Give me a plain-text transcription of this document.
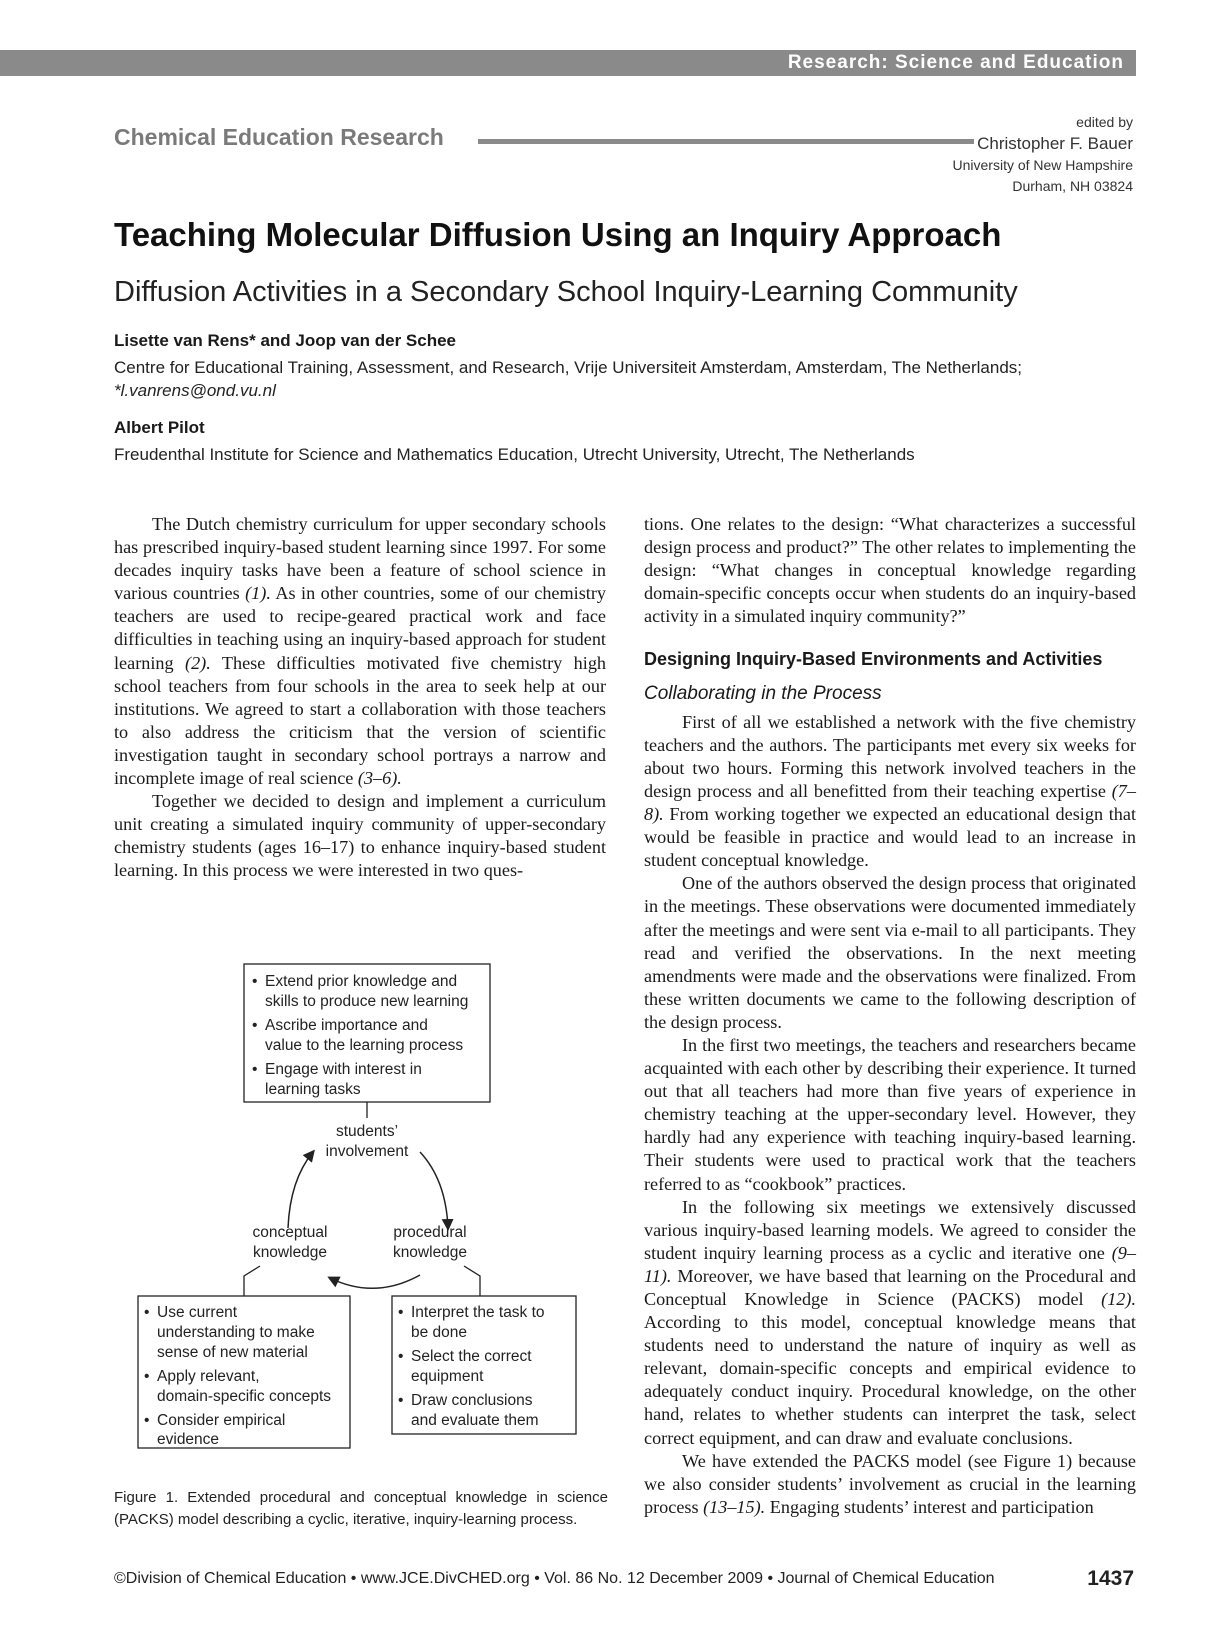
Research: Science and Education
Chemical Education Research
edited by
Christopher F. Bauer
University of New Hampshire
Durham, NH 03824
Teaching Molecular Diffusion Using an Inquiry Approach
Diffusion Activities in a Secondary School Inquiry-Learning Community
Lisette van Rens* and Joop van der Schee
Centre for Educational Training, Assessment, and Research, Vrije Universiteit Amsterdam, Amsterdam, The Netherlands;
*l.vanrens@ond.vu.nl
Albert Pilot
Freudenthal Institute for Science and Mathematics Education, Utrecht University, Utrecht, The Netherlands

The Dutch chemistry curriculum for upper secondary schools has prescribed inquiry-based student learning since 1997. For some decades inquiry tasks have been a feature of school science in various countries (1). As in other countries, some of our chemistry teachers are used to recipe-geared practical work and face difficulties in teaching using an inquiry-based approach for student learning (2). These difficulties motivated five chemistry high school teachers from four schools in the area to seek help at our institutions. We agreed to start a collaboration with those teachers to also address the criticism that the version of scientific investigation taught in secondary school portrays a narrow and incomplete image of real science (3–6).

Together we decided to design and implement a curriculum unit creating a simulated inquiry community of upper-secondary chemistry students (ages 16–17) to enhance inquiry-based student learning. In this process we were interested in two ques-

• Extend prior knowledge and
skills to produce new learning
• Ascribe importance and
value to the learning process
• Engage with interest in
learning tasks
students’
involvement
conceptual
knowledge
procedural
knowledge
• Use current
understanding to make
sense of new material
• Apply relevant,
domain-specific concepts
• Consider empirical
evidence
• Interpret the task to
be done
• Select the correct
equipment
• Draw conclusions
and evaluate them
Figure 1. Extended procedural and conceptual knowledge in science (PACKS) model describing a cyclic, iterative, inquiry-learning process.

tions. One relates to the design: “What characterizes a successful design process and product?” The other relates to implementing the design: “What changes in conceptual knowledge regarding domain-specific concepts occur when students do an inquiry-based activity in a simulated inquiry community?”

Designing Inquiry-Based Environments and Activities
Collaborating in the Process

First of all we established a network with the five chemistry teachers and the authors. The participants met every six weeks for about two hours. Forming this network involved teachers in the design process and all benefitted from their teaching expertise (7–8). From working together we expected an educational design that would be feasible in practice and would lead to an increase in student conceptual knowledge.

One of the authors observed the design process that originated in the meetings. These observations were documented immediately after the meetings and were sent via e-mail to all participants. They read and verified the observations. In the next meeting amendments were made and the observations were finalized. From these written documents we came to the following description of the design process.

In the first two meetings, the teachers and researchers became acquainted with each other by describing their experience. It turned out that all teachers had more than five years of experience in chemistry teaching at the upper-secondary level. However, they hardly had any experience with teaching inquiry-based learning. Their students were used to practical work that the teachers referred to as “cookbook” practices.

In the following six meetings we extensively discussed various inquiry-based learning models. We agreed to consider the student inquiry learning process as a cyclic and iterative one (9–11). Moreover, we have based that learning on the Procedural and Conceptual Knowledge in Science (PACKS) model (12). According to this model, conceptual knowledge means that students need to understand the nature of inquiry as well as relevant, domain-specific concepts and empirical evidence to adequately conduct inquiry. Procedural knowledge, on the other hand, relates to whether students can interpret the task, select correct equipment, and can draw and evaluate conclusions.

We have extended the PACKS model (see Figure 1) because we also consider students’ involvement as crucial in the learning process (13–15). Engaging students’ interest and participation

©Division of Chemical Education • www.JCE.DivCHED.org • Vol. 86 No. 12 December 2009 • Journal of Chemical Education	1437
